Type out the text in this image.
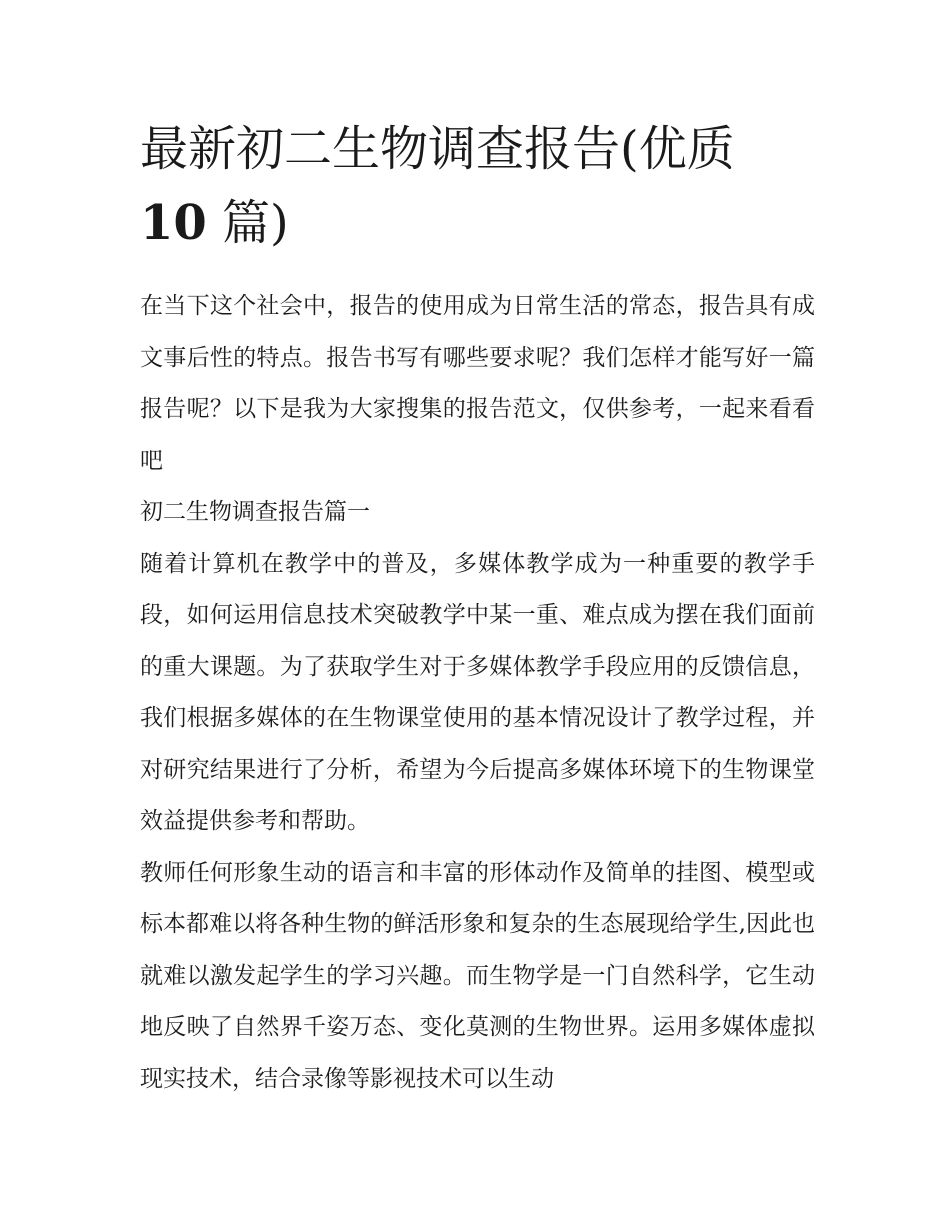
最新初二生物调查报告(优质10 篇)

在当下这个社会中，报告的使用成为日常生活的常态，报告具有成文事后性的特点。报告书写有哪些要求呢？我们怎样才能写好一篇报告呢？以下是我为大家搜集的报告范文，仅供参考，一起来看看吧

初二生物调查报告篇一

随着计算机在教学中的普及，多媒体教学成为一种重要的教学手段，如何运用信息技术突破教学中某一重、难点成为摆在我们面前的重大课题。为了获取学生对于多媒体教学手段应用的反馈信息，我们根据多媒体的在生物课堂使用的基本情况设计了教学过程，并对研究结果进行了分析，希望为今后提高多媒体环境下的生物课堂效益提供参考和帮助。

教师任何形象生动的语言和丰富的形体动作及简单的挂图、模型或标本都难以将各种生物的鲜活形象和复杂的生态展现给学生,因此也就难以激发起学生的学习兴趣。而生物学是一门自然科学，它生动地反映了自然界千姿万态、变化莫测的生物世界。运用多媒体虚拟现实技术，结合录像等影视技术可以生动
